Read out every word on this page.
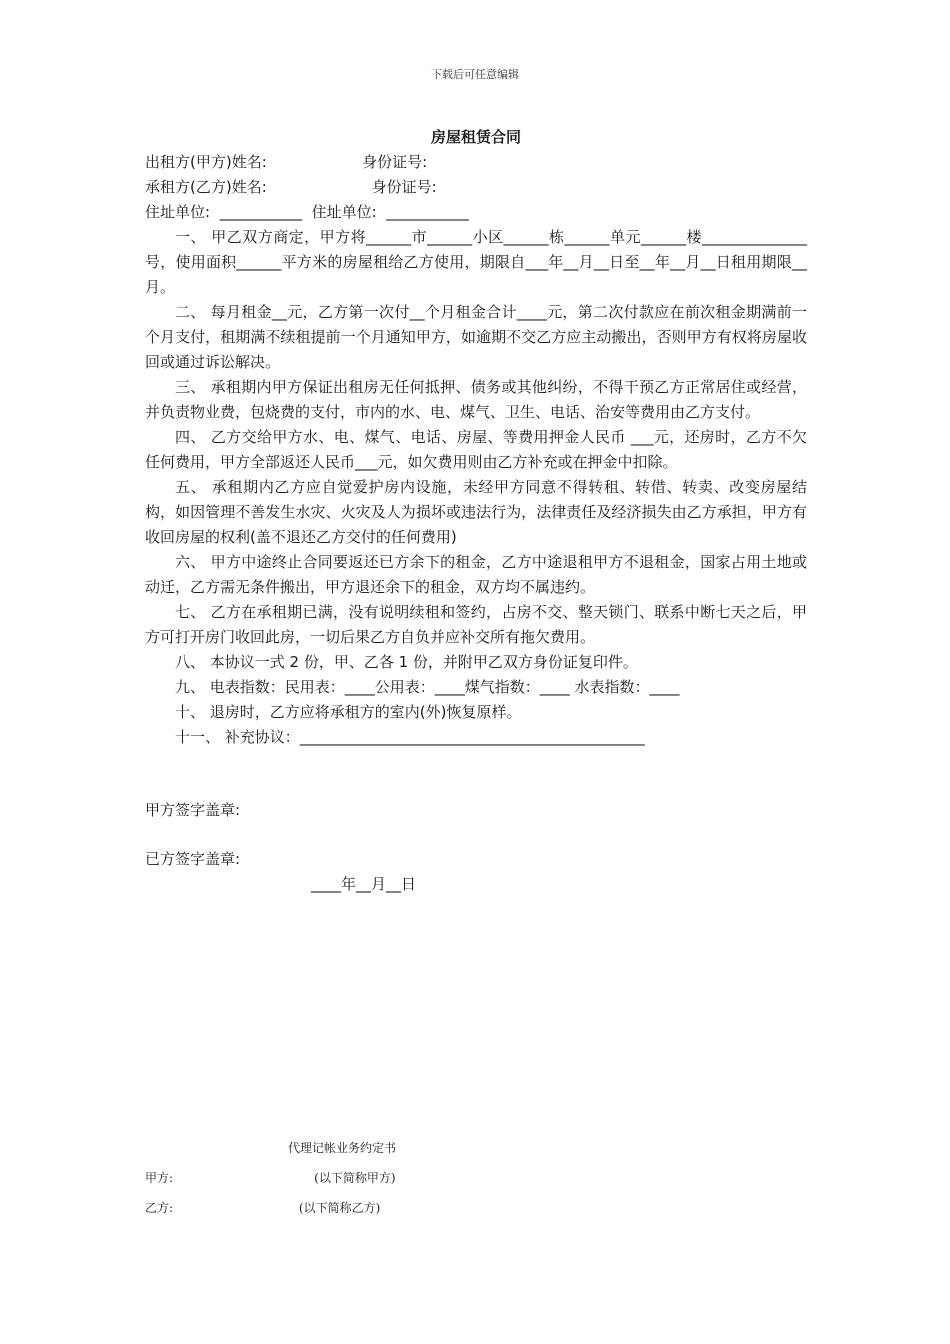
下载后可任意编辑
房屋租赁合同
出租方(甲方)姓名:                    身份证号:
承租方(乙方)姓名:                      身份证号:
住址单位:  ___________  住址单位:  ___________

一、 甲乙双方商定，甲方将______市______小区______栋______单元______楼______________号，使用面积______平方米的房屋租给乙方使用，期限自___年__月__日至__年__月__日租用期限__月。

二、 每月租金__元，乙方第一次付__个月租金合计____元，第二次付款应在前次租金期满前一个月支付，租期满不续租提前一个月通知甲方，如逾期不交乙方应主动搬出，否则甲方有权将房屋收回或通过诉讼解决。

三、 承租期内甲方保证出租房无任何抵押、债务或其他纠纷，不得干预乙方正常居住或经营，并负责物业费，包烧费的支付，市内的水、电、煤气、卫生、电话、治安等费用由乙方支付。

四、 乙方交给甲方水、电、煤气、电话、房屋、等费用押金人民币 ___元，还房时，乙方不欠任何费用，甲方全部返还人民币___元，如欠费用则由乙方补充或在押金中扣除。

五、 承租期内乙方应自觉爱护房内设施，未经甲方同意不得转租、转借、转卖、改变房屋结构，如因管理不善发生水灾、火灾及人为损坏或违法行为，法律责任及经济损失由乙方承担，甲方有收回房屋的权利(盖不退还乙方交付的任何费用)

六、 甲方中途终止合同要返还已方余下的租金，乙方中途退租甲方不退租金，国家占用土地或动迁，乙方需无条件搬出，甲方退还余下的租金，双方均不属违约。

七、 乙方在承租期已满，没有说明续租和签约，占房不交、整天锁门、联系中断七天之后，甲方可打开房门收回此房，一切后果乙方自负并应补交所有拖欠费用。

八、 本协议一式 2 份，甲、乙各 1 份，并附甲乙双方身份证复印件。

九、 电表指数：民用表：____公用表：____煤气指数：____ 水表指数：____

十、 退房时，乙方应将承租方的室内(外)恢复原样。

十一、 补充协议：______________________________________________

甲方签字盖章:
已方签字盖章:
____年__月__日
代理记帐业务约定书
甲方:                                     (以下简称甲方)
乙方:                                 (以下简称乙方)
